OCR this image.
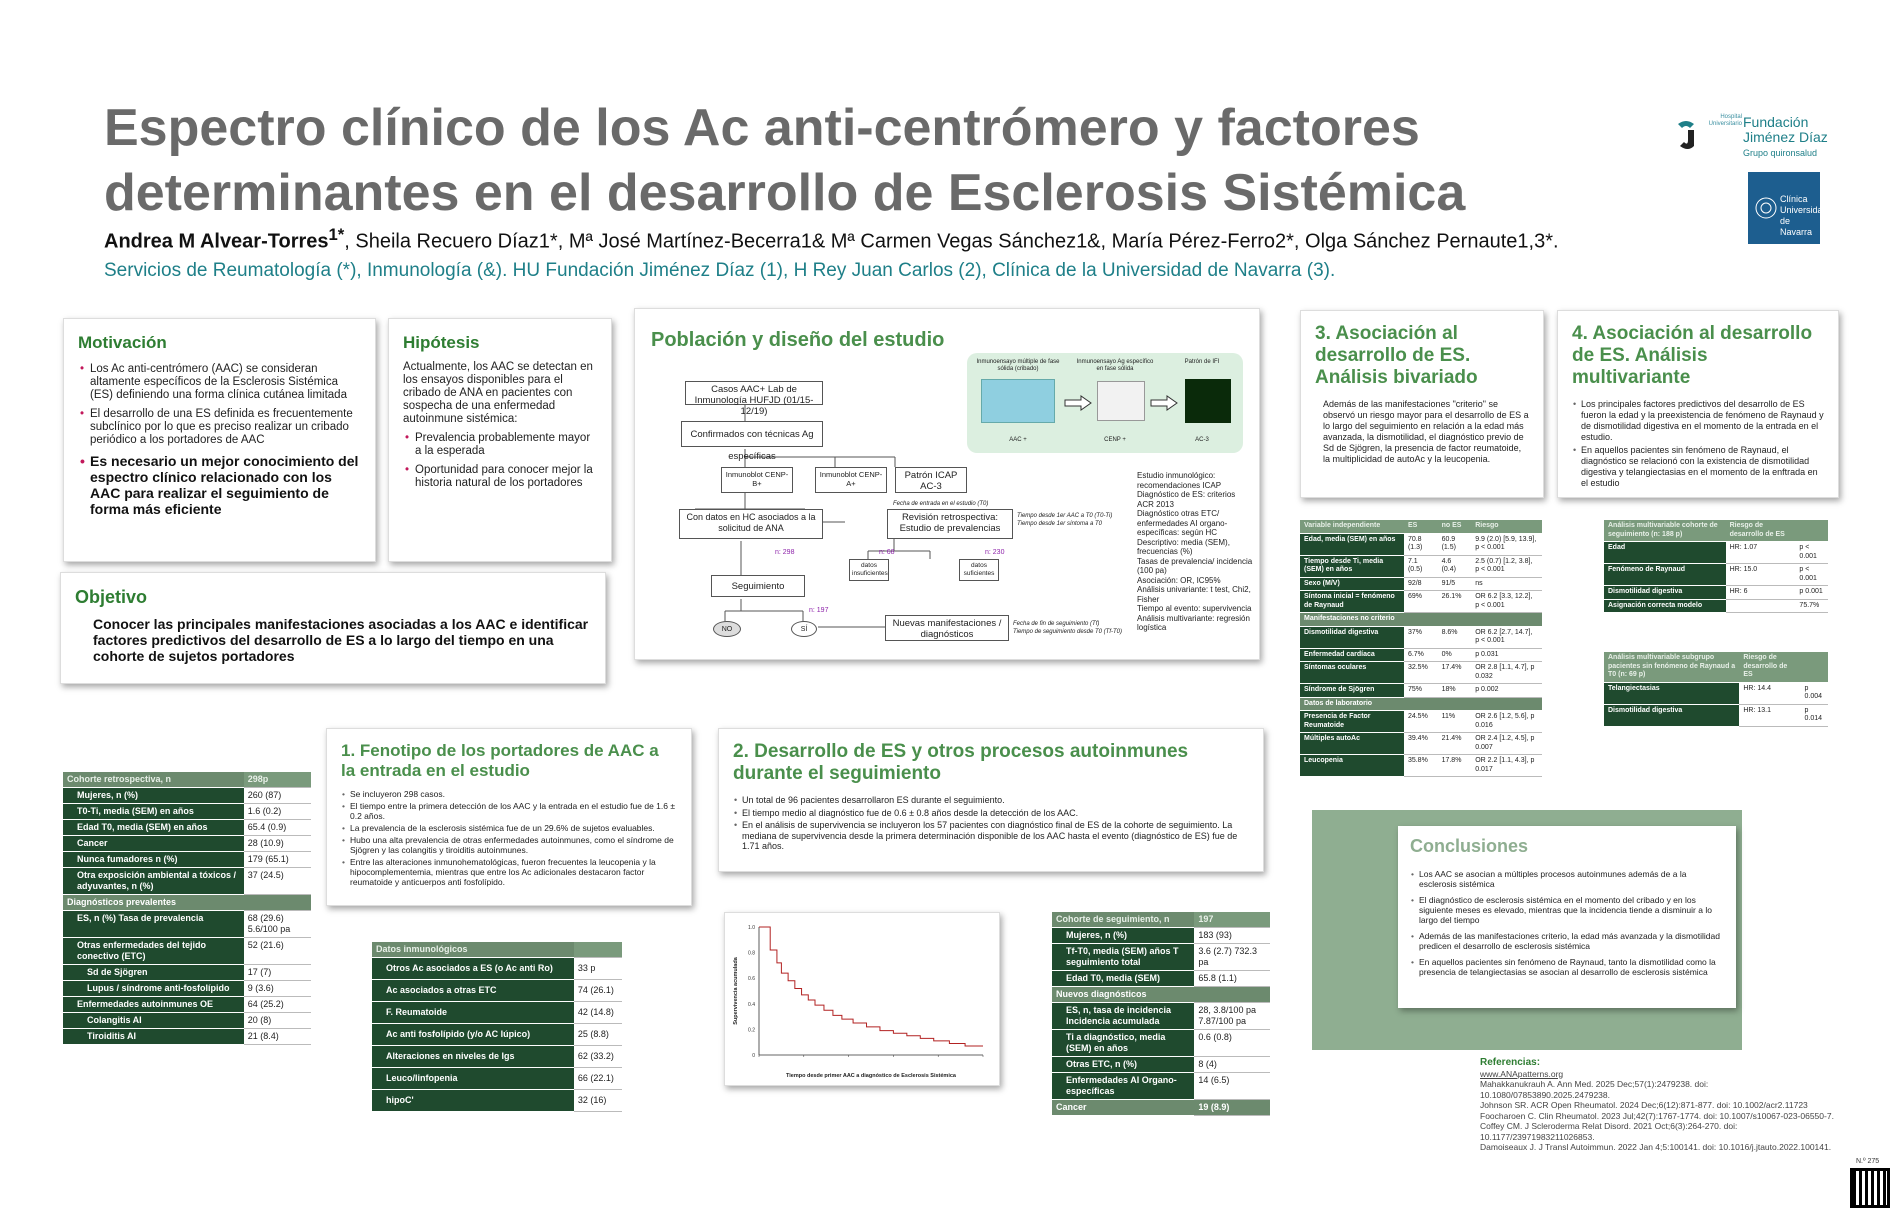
Espectro clínico de los Ac anti-centrómero y factores determinantes en el desarrollo de Esclerosis Sistémica
Andrea M Alvear-Torres$^{1*}$, Sheila Recuero Díaz1*, Mª José Martínez-Becerra1& Mª Carmen Vegas Sánchez1&, María Pérez-Ferro2*, Olga Sánchez Pernaute1,3*.
Servicios de Reumatología (*), Inmunología (&). HU Fundación Jiménez Díaz (1), H Rey Juan Carlos (2), Clínica de la Universidad de Navarra (3).
Hospital Universitario Fundación
Jiménez Díaz
Grupo quironsalud
Clínica Universidad de Navarra
Motivación
• Los Ac anti-centrómero (AAC) se consideran altamente específicos de la Esclerosis Sistémica (ES) definiendo una forma clínica cutánea limitada
• El desarrollo de una ES definida es frecuentemente subclínico por lo que es preciso realizar un cribado periódico a los portadores de AAC
• Es necesario un mejor conocimiento del espectro clínico relacionado con los AAC para realizar el seguimiento de forma más eficiente
Hipótesis
Actualmente, los AAC se detectan en los ensayos disponibles para el cribado de ANA en pacientes con sospecha de una enfermedad autoinmune sistémica:
• Prevalencia probablemente mayor a la esperada
• Oportunidad para conocer mejor la historia natural de los portadores
Objetivo
Conocer las principales manifestaciones asociadas a los AAC e identificar factores predictivos del desarrollo de ES a lo largo del tiempo en una cohorte de sujetos portadores
Población y diseño del estudio
Inmunoensayo múltiple de fase sólida (cribado)
Inmunoensayo Ag específico en fase sólida
Patrón de IFI
AAC +	CENP +	AC-3
Casos AAC+ Lab de Inmunología HUFJD (01/15-12/19)
Confirmados con técnicas Ag específicas
Inmunoblot CENP-B+
Inmunoblot CENP-A+
Patrón ICAP AC-3
Fecha de entrada en el estudio (T0)
Con datos en HC asociados a la solicitud de ANA
Revisión retrospectiva: Estudio de prevalencias
Tiempo desde 1er AAC a T0 (T0-Ti)
Tiempo desde 1er síntoma a T0
n: 298	n: 68	n: 230
datos insuficientes
datos suficientes
Seguimiento
n: 197
NO	SÍ
Nuevas manifestaciones / diagnósticos
Fecha de fin de seguimiento (Tf)
Tiempo de seguimiento desde T0 (Tf-T0)
Estudio inmunológico: recomendaciones ICAP
Diagnóstico de ES: criterios ACR 2013
Diagnóstico otras ETC/ enfermedades AI organo-específicas: según HC
Descriptivo: media (SEM), frecuencias (%)
Tasas de prevalencia/ incidencia (100 pa)
Asociación: OR, IC95%
Análisis univariante: t test, Chi2, Fisher
Tiempo al evento: supervivencia
Análisis multivariante: regresión logística
3. Asociación al desarrollo de ES. Análisis bivariado
Además de las manifestaciones "criterio" se observó un riesgo mayor para el desarrollo de ES a lo largo del seguimiento en relación a la edad más avanzada, la dismotilidad, el diagnóstico previo de Sd de Sjögren, la presencia de factor reumatoide, la multiplicidad de autoAc y la leucopenia.
Variable independiente	ES	no ES	Riesgo
Edad, media (SEM) en años	70.8 (1.3)	60.9 (1.5)	9.9 (2.0) [5.9, 13.9], p < 0.001
Tiempo desde Ti, media (SEM) en años	7.1 (0.5)	4.6 (0.4)	2.5 (0.7) [1.2, 3.8], p < 0.001
Sexo (M/V)	92/8	91/5	ns
Síntoma inicial = fenómeno de Raynaud	69%	26.1%	OR 6.2 [3.3, 12.2], p < 0.001
Manifestaciones no criterio			
Dismotilidad digestiva	37%	8.6%	OR 6.2 [2.7, 14.7], p < 0.001
Enfermedad cardíaca	6.7%	0%	p 0.031
Síntomas oculares	32.5%	17.4%	OR 2.8 [1.1, 4.7], p 0.032
Síndrome de Sjögren	75%	18%	p 0.002
Datos de laboratorio			
Presencia de Factor Reumatoide	24.5%	11%	OR 2.6 [1.2, 5.6], p 0.016
Múltiples autoAc	39.4%	21.4%	OR 2.4 [1.2, 4.5], p 0.007
Leucopenia	35.8%	17.8%	OR 2.2 [1.1, 4.3], p 0.017
4. Asociación al desarrollo de ES. Análisis multivariante
• Los principales factores predictivos del desarrollo de ES fueron la edad y la preexistencia de fenómeno de Raynaud y de dismotilidad digestiva en el momento de la entrada en el estudio.
• En aquellos pacientes sin fenómeno de Raynaud, el diagnóstico se relacionó con la existencia de dismotilidad digestiva y telangiectasias en el momento de la enftrada en el estudio
Análisis multivariable cohorte de seguimiento (n: 188 p)	Riesgo de desarrollo de ES	
Edad	HR: 1.07	p < 0.001
Fenómeno de Raynaud	HR: 15.0	p < 0.001
Dismotilidad digestiva	HR: 6	p 0.001
Asignación correcta modelo		75.7%
Análisis multivariable subgrupo pacientes sin fenómeno de Raynaud a T0 (n: 69 p)	Riesgo de desarrollo de ES	
Telangiectasias	HR: 14.4	p 0.004
Dismotilidad digestiva	HR: 13.1	p 0.014
Cohorte retrospectiva, n	298p
Mujeres, n (%)	260 (87)
T0-Ti, media (SEM) en años	1.6 (0.2)
Edad T0, media (SEM) en años	65.4 (0.9)
Cancer	28 (10.9)
Nunca fumadores n (%)	179 (65.1)
Otra exposición ambiental a tóxicos / adyuvantes, n (%)	37 (24.5)
Diagnósticos prevalentes	
ES, n (%) Tasa de prevalencia	68 (29.6) 5.6/100 pa
Otras enfermedades del tejido conectivo (ETC)	52 (21.6)
Sd de Sjögren	17 (7)
Lupus / síndrome anti-fosfolípido	9 (3.6)
Enfermedades autoinmunes OE	64 (25.2)
Colangitis AI	20 (8)
Tiroiditis AI	21 (8.4)
1. Fenotipo de los portadores de AAC a la entrada en el estudio
• Se incluyeron 298 casos.
• El tiempo entre la primera detección de los AAC y la entrada en el estudio fue de 1.6 ± 0.2 años.
• La prevalencia de la esclerosis sistémica fue de un 29.6% de sujetos evaluables.
• Hubo una alta prevalencia de otras enfermedades autoinmunes, como el síndrome de Sjögren y las colangitis y tiroiditis autoinmunes.
• Entre las alteraciones inmunohematológicas, fueron frecuentes la leucopenia y la hipocomplementemia, mientras que entre los Ac adicionales destacaron factor reumatoide y anticuerpos anti fosfolípido.
Datos inmunológicos	
Otros Ac asociados a ES (o Ac anti Ro)	33 p
Ac asociados a otras ETC	74 (26.1)
F. Reumatoide	42 (14.8)
Ac anti fosfolípido (y/o AC lúpico)	25 (8.8)
Alteraciones en niveles de Igs	62 (33.2)
Leuco/linfopenia	66 (22.1)
hipoC'	32 (16)
2. Desarrollo de ES y otros procesos autoinmunes durante el seguimiento
• Un total de 96 pacientes desarrollaron ES durante el seguimiento.
• El tiempo medio al diagnóstico fue de 0.6 ± 0.8 años desde la detección de los AAC.
• En el análisis de supervivencia se incluyeron los 57 pacientes con diagnóstico final de ES de la cohorte de seguimiento. La mediana de supervivencia desde la primera determinación disponible de los AAC hasta el evento (diagnóstico de ES) fue de 1.71 años.
0
0.2
0.4
0.6
0.8
1.0
Tiempo desde primer AAC a diagnóstico de Esclerosis Sistémica
Supervivencia acumulada
Cohorte de seguimiento, n	197
Mujeres, n (%)	183 (93)
Tf-T0, media (SEM) años T seguimiento total	3.6 (2.7) 732.3 pa
Edad T0, media (SEM)	65.8 (1.1)
Nuevos diagnósticos	
ES, n, tasa de incidencia Incidencia acumulada	28, 3.8/100 pa 7.87/100 pa
Ti a diagnóstico, media (SEM) en años	0.6 (0.8)
Otras ETC, n (%)	8 (4)
Enfermedades AI Organo-específicas	14 (6.5)
Cancer	19 (8.9)
Conclusiones
• Los AAC se asocian a múltiples procesos autoinmunes además de a la esclerosis sistémica
• El diagnóstico de esclerosis sistémica en el momento del cribado y en los siguiente meses es elevado, mientras que la incidencia tiende a disminuir a lo largo del tiempo
• Además de las manifestaciones criterio, la edad más avanzada y la dismotilidad predicen el desarrollo de esclerosis sistémica
• En aquellos pacientes sin fenómeno de Raynaud, tanto la dismotilidad como la presencia de telangiectasias se asocian al desarrollo de esclerosis sistémica
Referencias:
www.ANApatterns.org
Mahakkanukrauh A. Ann Med. 2025 Dec;57(1):2479238. doi: 10.1080/07853890.2025.2479238.
Johnson SR. ACR Open Rheumatol. 2024 Dec;6(12):871-877. doi: 10.1002/acr2.11723
Foocharoen C. Clin Rheumatol. 2023 Jul;42(7):1767-1774. doi: 10.1007/s10067-023-06550-7.
Coffey CM. J Scleroderma Relat Disord. 2021 Oct;6(3):264-270. doi: 10.1177/23971983211026853.
Damoiseaux J. J Transl Autoimmun. 2022 Jan 4;5:100141. doi: 10.1016/j.jtauto.2022.100141.
N.º 275
